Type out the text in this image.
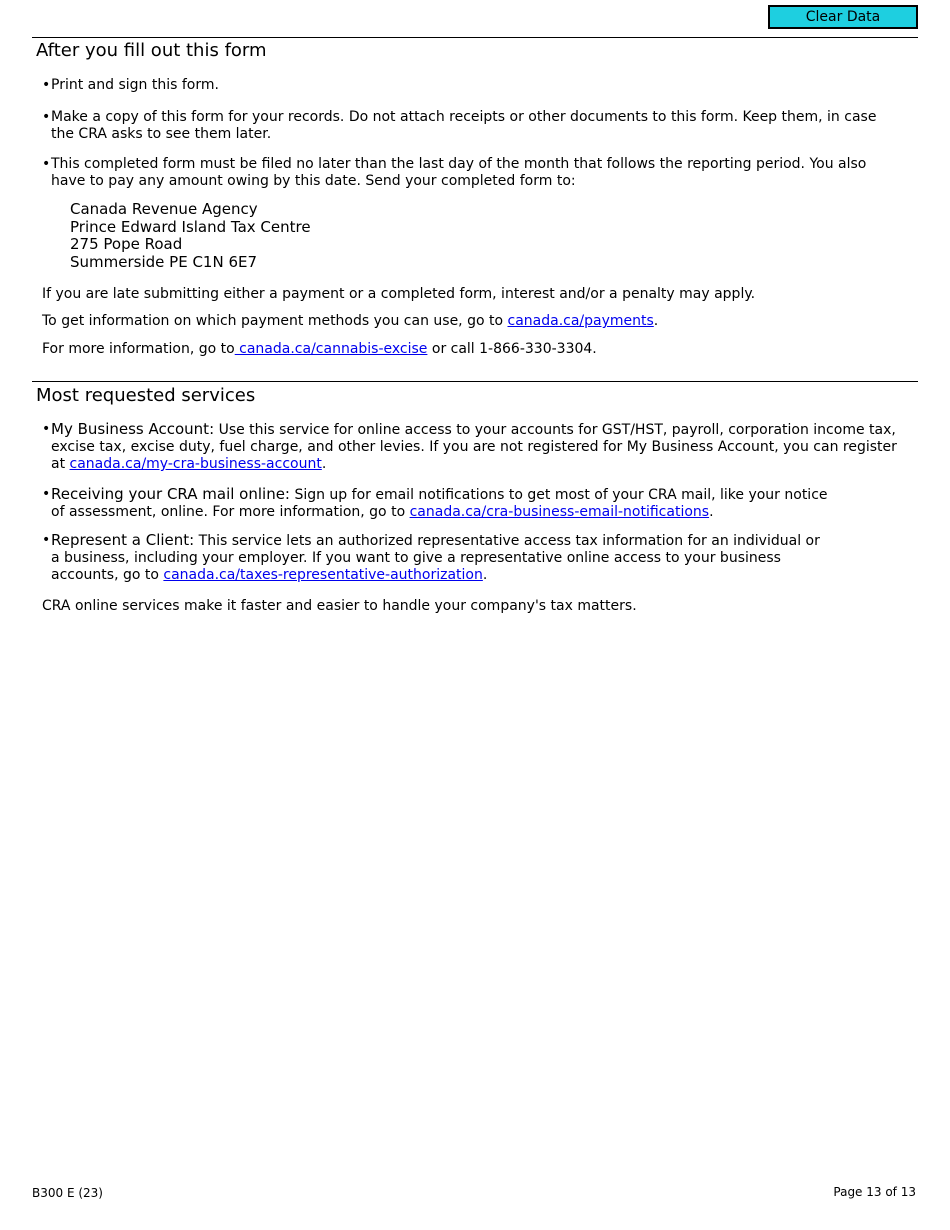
Clear Data
After you fill out this form
• Print and sign this form.
• Make a copy of this form for your records. Do not attach receipts or other documents to this form. Keep them, in case the CRA asks to see them later.
• This completed form must be filed no later than the last day of the month that follows the reporting period. You also have to pay any amount owing by this date. Send your completed form to:
Canada Revenue Agency
Prince Edward Island Tax Centre
275 Pope Road
Summerside PE C1N 6E7
If you are late submitting either a payment or a completed form, interest and/or a penalty may apply.
To get information on which payment methods you can use, go to canada.ca/payments.
For more information, go to canada.ca/cannabis-excise or call 1-866-330-3304.
Most requested services
• My Business Account: Use this service for online access to your accounts for GST/HST, payroll, corporation income tax, excise tax, excise duty, fuel charge, and other levies. If you are not registered for My Business Account, you can register at canada.ca/my-cra-business-account.
• Receiving your CRA mail online: Sign up for email notifications to get most of your CRA mail, like your notice of assessment, online. For more information, go to canada.ca/cra-business-email-notifications.
• Represent a Client: This service lets an authorized representative access tax information for an individual or a business, including your employer. If you want to give a representative online access to your business accounts, go to canada.ca/taxes-representative-authorization.
CRA online services make it faster and easier to handle your company's tax matters.
B300 E (23)	Page 13 of 13
